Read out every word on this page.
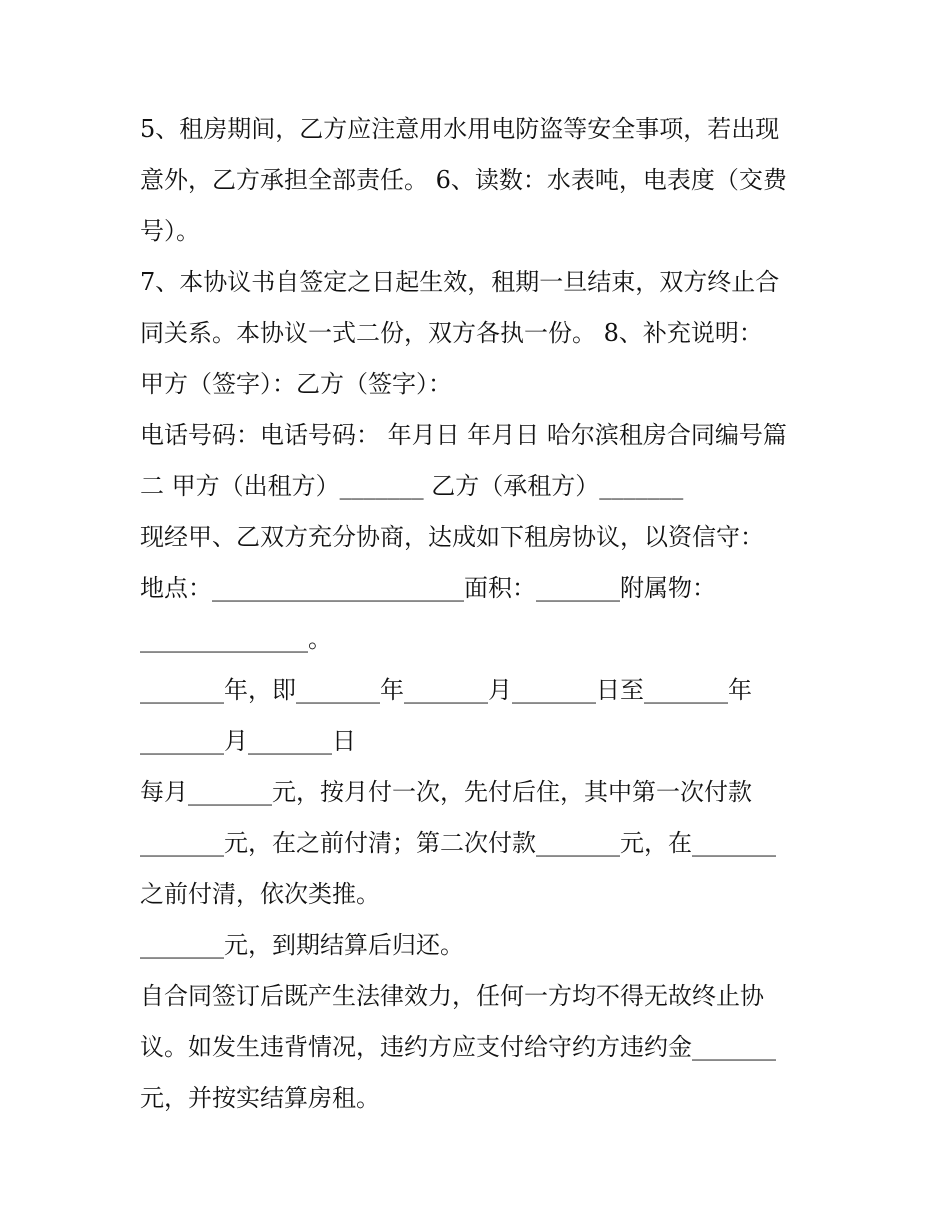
5、租房期间，乙方应注意用水用电防盗等安全事项，若出现
意外，乙方承担全部责任。 6、读数：水表吨，电表度（交费
号）。
7、本协议书自签定之日起生效，租期一旦结束，双方终止合
同关系。本协议一式二份，双方各执一份。 8、补充说明：
甲方（签字）：乙方（签字）：
电话号码：电话号码： 年月日 年月日 哈尔滨租房合同编号篇
二 甲方（出租方）_______ 乙方（承租方）_______
现经甲、乙双方充分协商，达成如下租房协议，以资信守：
地点：_____________________面积：_______附属物：
______________。
_______年，即_______年_______月_______日至_______年
_______月_______日
每月_______元，按月付一次，先付后住，其中第一次付款
_______元，在之前付清；第二次付款_______元，在_______
之前付清，依次类推。
_______元，到期结算后归还。
自合同签订后既产生法律效力，任何一方均不得无故终止协
议。如发生违背情况，违约方应支付给守约方违约金_______
元，并按实结算房租。
